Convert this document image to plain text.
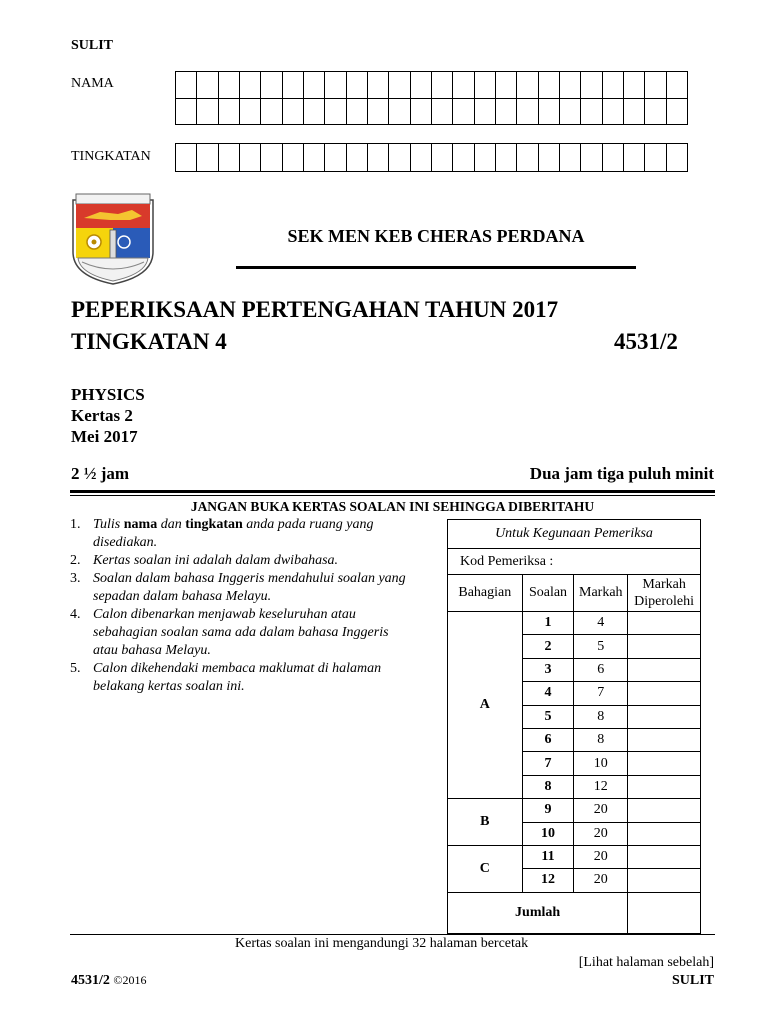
SULIT
NAMA
TINGKATAN
SEK MEN KEB CHERAS PERDANA
PEPERIKSAAN PERTENGAHAN TAHUN 2017
TINGKATAN 4	4531/2
PHYSICS
Kertas 2
Mei 2017
2 ½ jam	Dua jam tiga puluh minit
JANGAN BUKA KERTAS SOALAN INI SEHINGGA DIBERITAHU
1. Tulis nama dan tingkatan anda pada ruang yang disediakan.
2. Kertas soalan ini adalah dalam dwibahasa.
3. Soalan dalam bahasa Inggeris mendahului soalan yang sepadan dalam bahasa Melayu.
4. Calon dibenarkan menjawab keseluruhan atau sebahagian soalan sama ada dalam bahasa Inggeris atau bahasa Melayu.
5. Calon dikehendaki membaca maklumat di halaman belakang kertas soalan ini.
Untuk Kegunaan Pemeriksa			
Kod Pemeriksa :			
Bahagian	Soalan	Markah	Markah Diperolehi
A	1	4	
	2	5	
	3	6	
	4	7	
	5	8	
	6	8	
	7	10	
	8	12	
B	9	20	
	10	20	
C	11	20	
	12	20	
Jumlah			
Kertas soalan ini mengandungi 32 halaman bercetak
[Lihat halaman sebelah]
4531/2 ©2016	SULIT
